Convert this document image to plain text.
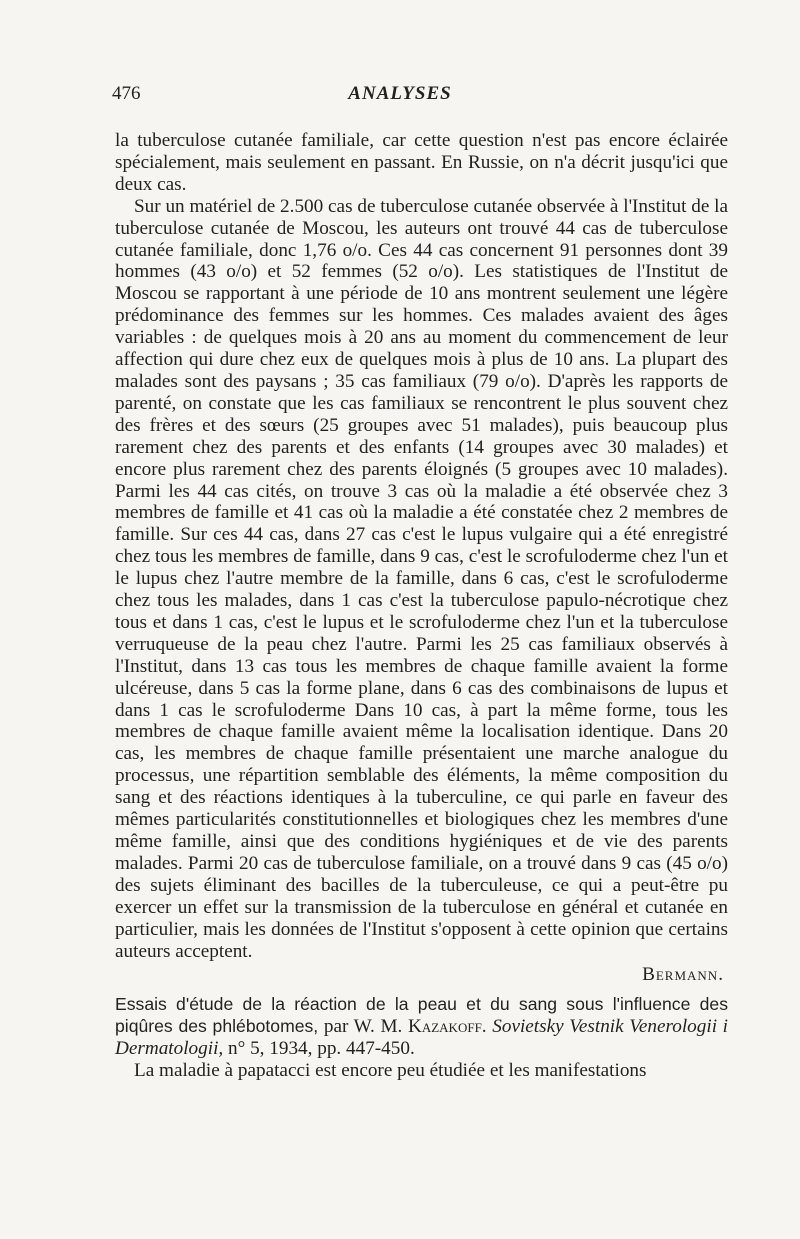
476	ANALYSES

la tuberculose cutanée familiale, car cette question n'est pas encore éclairée spécialement, mais seulement en passant. En Russie, on n'a décrit jusqu'ici que deux cas.

Sur un matériel de 2.500 cas de tuberculose cutanée observée à l'Institut de la tuberculose cutanée de Moscou, les auteurs ont trouvé 44 cas de tuberculose cutanée familiale, donc 1,76 o/o. Ces 44 cas concernent 91 personnes dont 39 hommes (43 o/o) et 52 femmes (52 o/o). Les statistiques de l'Institut de Moscou se rapportant à une période de 10 ans montrent seulement une légère prédominance des femmes sur les hommes. Ces malades avaient des âges variables : de quelques mois à 20 ans au moment du commencement de leur affection qui dure chez eux de quelques mois à plus de 10 ans. La plupart des malades sont des paysans ; 35 cas familiaux (79 o/o). D'après les rapports de parenté, on constate que les cas familiaux se rencontrent le plus souvent chez des frères et des sœurs (25 groupes avec 51 malades), puis beaucoup plus rarement chez des parents et des enfants (14 groupes avec 30 malades) et encore plus rarement chez des parents éloignés (5 groupes avec 10 malades). Parmi les 44 cas cités, on trouve 3 cas où la maladie a été observée chez 3 membres de famille et 41 cas où la maladie a été constatée chez 2 membres de famille. Sur ces 44 cas, dans 27 cas c'est le lupus vulgaire qui a été enregistré chez tous les membres de famille, dans 9 cas, c'est le scrofuloderme chez l'un et le lupus chez l'autre membre de la famille, dans 6 cas, c'est le scrofuloderme chez tous les malades, dans 1 cas c'est la tuberculose papulo-nécrotique chez tous et dans 1 cas, c'est le lupus et le scrofuloderme chez l'un et la tuberculose verruqueuse de la peau chez l'autre. Parmi les 25 cas familiaux observés à l'Institut, dans 13 cas tous les membres de chaque famille avaient la forme ulcéreuse, dans 5 cas la forme plane, dans 6 cas des combinaisons de lupus et dans 1 cas le scrofuloderme Dans 10 cas, à part la même forme, tous les membres de chaque famille avaient même la localisation identique. Dans 20 cas, les membres de chaque famille présentaient une marche analogue du processus, une répartition semblable des éléments, la même composition du sang et des réactions identiques à la tuberculine, ce qui parle en faveur des mêmes particularités constitutionnelles et biologiques chez les membres d'une même famille, ainsi que des conditions hygiéniques et de vie des parents malades. Parmi 20 cas de tuberculose familiale, on a trouvé dans 9 cas (45 o/o) des sujets éliminant des bacilles de la tuberculeuse, ce qui a peut-être pu exercer un effet sur la transmission de la tuberculose en général et cutanée en particulier, mais les données de l'Institut s'opposent à cette opinion que certains auteurs acceptent.

Bermann.

Essais d'étude de la réaction de la peau et du sang sous l'influence des piqûres des phlébotomes, par W. M. Kazakoff. Sovietsky Vestnik Venerologii i Dermatologii, n° 5, 1934, pp. 447-450.

La maladie à papatacci est encore peu étudiée et les manifestations
